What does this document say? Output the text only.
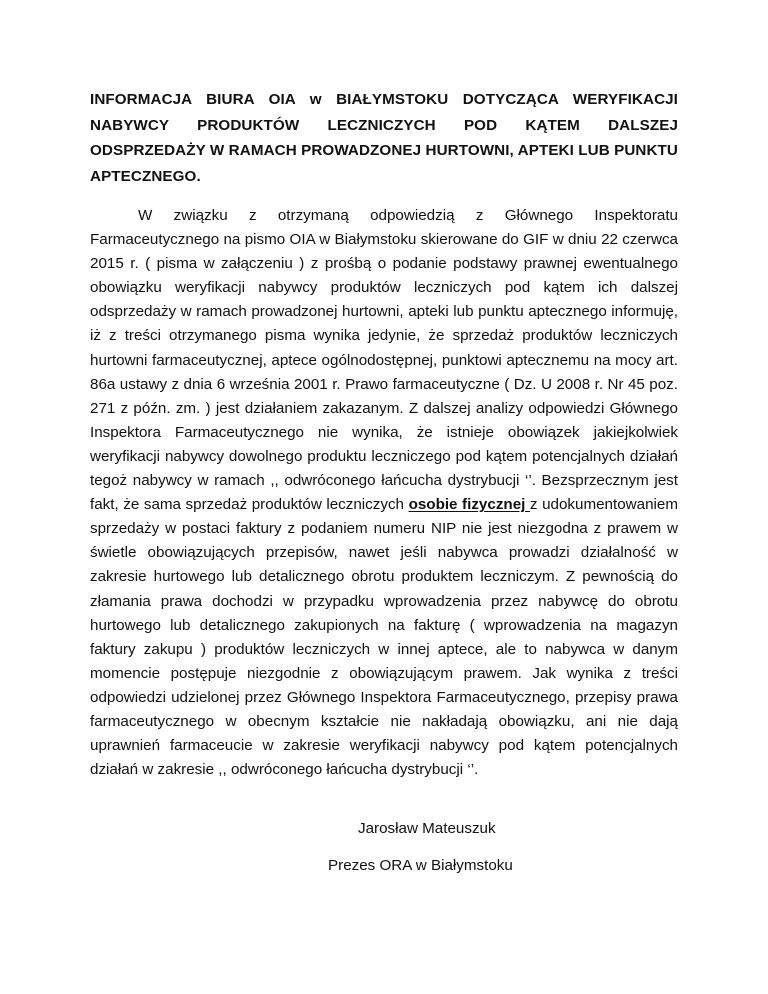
INFORMACJA BIURA OIA w BIAŁYMSTOKU DOTYCZĄCA WERYFIKACJI NABYWCY PRODUKTÓW LECZNICZYCH POD KĄTEM DALSZEJ ODSPRZEDAŻY W RAMACH PROWADZONEJ HURTOWNI, APTEKI LUB PUNKTU APTECZNEGO.

W związku z otrzymaną odpowiedzią z Głównego Inspektoratu Farmaceutycznego na pismo OIA w Białymstoku skierowane do GIF w dniu 22 czerwca 2015 r. ( pisma w załączeniu ) z prośbą o podanie podstawy prawnej ewentualnego obowiązku weryfikacji nabywcy produktów leczniczych pod kątem ich dalszej odsprzedaży w ramach prowadzonej hurtowni, apteki lub punktu aptecznego informuję, iż z treści otrzymanego pisma wynika jedynie, że sprzedaż produktów leczniczych hurtowni farmaceutycznej, aptece ogólnodostępnej, punktowi aptecznemu na mocy art. 86a ustawy z dnia 6 września 2001 r. Prawo farmaceutyczne ( Dz. U 2008 r. Nr 45 poz. 271 z późn. zm. ) jest działaniem zakazanym. Z dalszej analizy odpowiedzi Głównego Inspektora Farmaceutycznego nie wynika, że istnieje obowiązek jakiejkolwiek weryfikacji nabywcy dowolnego produktu leczniczego pod kątem potencjalnych działań tegoż nabywcy w ramach ,, odwróconego łańcucha dystrybucji ‘’. Bezsprzecznym jest fakt, że sama sprzedaż produktów leczniczych osobie fizycznej z udokumentowaniem sprzedaży w postaci faktury z podaniem numeru NIP nie jest niezgodna z prawem w świetle obowiązujących przepisów, nawet jeśli nabywca prowadzi działalność w zakresie hurtowego lub detalicznego obrotu produktem leczniczym. Z pewnością do złamania prawa dochodzi w przypadku wprowadzenia przez nabywcę do obrotu hurtowego lub detalicznego zakupionych na fakturę ( wprowadzenia na magazyn faktury zakupu ) produktów leczniczych w innej aptece, ale to nabywca w danym momencie postępuje niezgodnie z obowiązującym prawem. Jak wynika z treści odpowiedzi udzielonej przez Głównego Inspektora Farmaceutycznego, przepisy prawa farmaceutycznego w obecnym kształcie nie nakładają obowiązku, ani nie dają uprawnień farmaceucie w zakresie weryfikacji nabywcy pod kątem potencjalnych działań w zakresie ,, odwróconego łańcucha dystrybucji ‘’.

Jarosław Mateuszuk

Prezes ORA w Białymstoku
